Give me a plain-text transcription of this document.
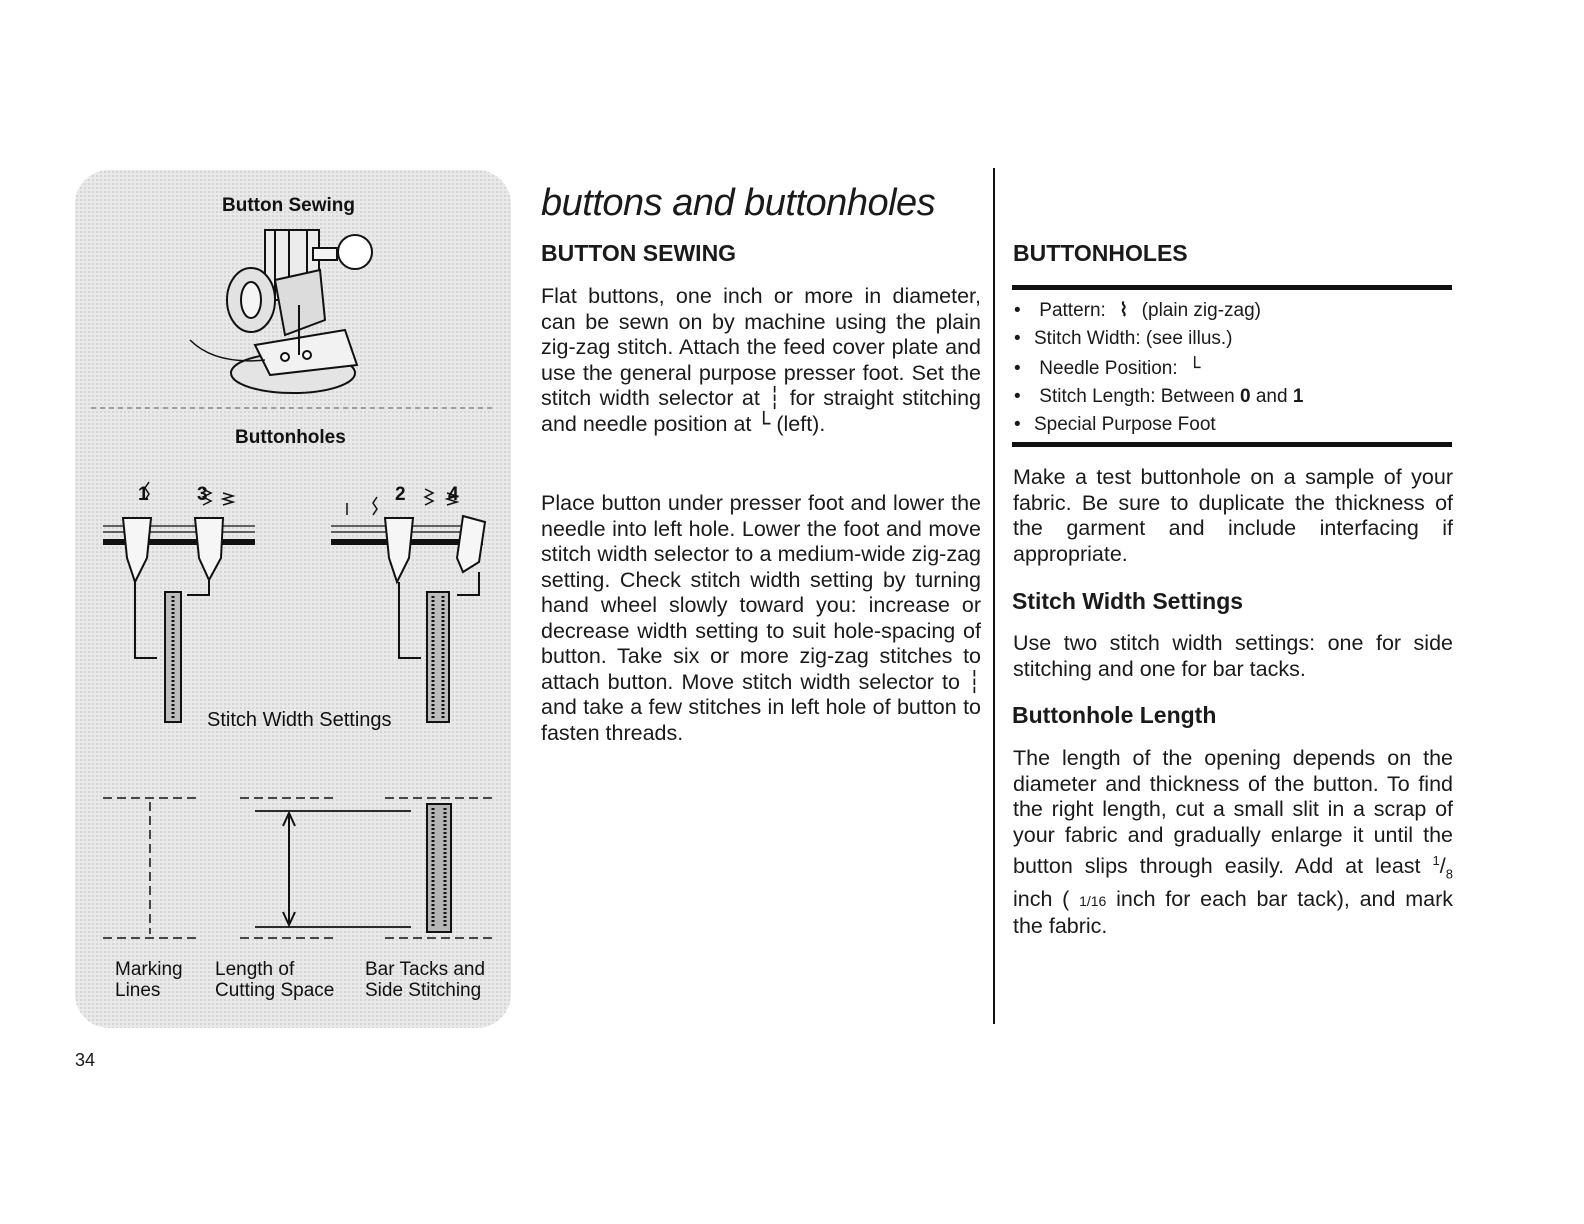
Button Sewing
Buttonholes
1	3	2 4
Stitch Width Settings
Marking
Lines
Length of
Cutting Space
Bar Tacks and
Side Stitching
buttons and buttonholes
BUTTON SEWING

Flat buttons, one inch or more in diameter, can be sewn on by machine using the plain zig-zag stitch. Attach the feed cover plate and use the general purpose presser foot. Set the stitch width selector at ┆ for straight stitching and needle position at └ (left).

Place button under presser foot and lower the needle into left hole. Lower the foot and move stitch width selector to a medium-wide zig-zag setting. Check stitch width setting by turning hand wheel slowly toward you: increase or decrease width setting to suit hole-spacing of button. Take six or more zig-zag stitches to attach button. Move stitch width selector to ┆ and take a few stitches in left hole of button to fasten threads.

BUTTONHOLES
• Pattern: ⌇ (plain zig-zag)
• Stitch Width: (see illus.)
• Needle Position: └
• Stitch Length: Between 0 and 1
• Special Purpose Foot

Make a test buttonhole on a sample of your fabric. Be sure to duplicate the thickness of the garment and include interfacing if appropriate.

Stitch Width Settings

Use two stitch width settings: one for side stitching and one for bar tacks.

Buttonhole Length

The length of the opening depends on the diameter and thickness of the button. To find the right length, cut a small slit in a scrap of your fabric and gradually enlarge it until the button slips through easily. Add at least $^1/_8$ inch ( 1/16 inch for each bar tack), and mark the fabric.

34
